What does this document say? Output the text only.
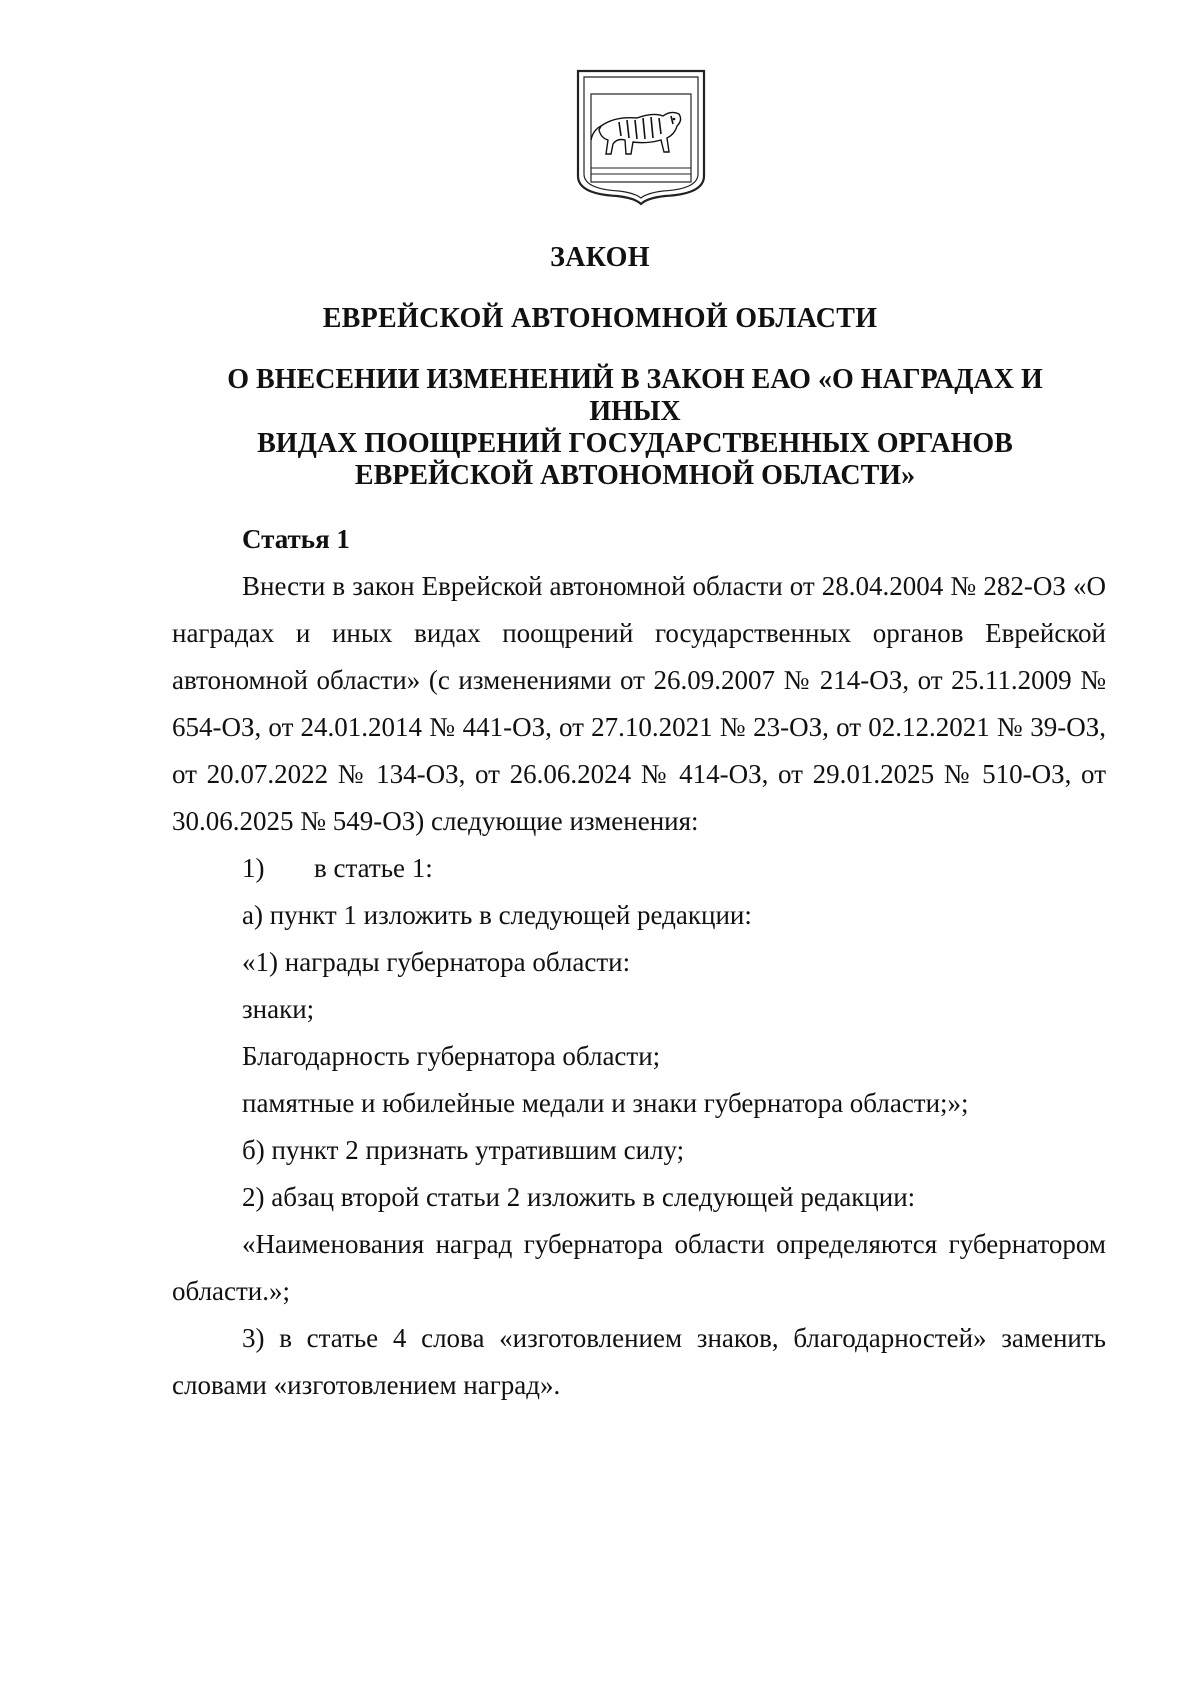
ЗАКОН
ЕВРЕЙСКОЙ АВТОНОМНОЙ ОБЛАСТИ
О ВНЕСЕНИИ ИЗМЕНЕНИЙ В ЗАКОН ЕАО «О НАГРАДАХ И ИНЫХ
ВИДАХ ПООЩРЕНИЙ ГОСУДАРСТВЕННЫХ ОРГАНОВ
ЕВРЕЙСКОЙ АВТОНОМНОЙ ОБЛАСТИ»
Статья 1

Внести в закон Еврейской автономной области от 28.04.2004 № 282-ОЗ «О наградах и иных видах поощрений государственных органов Еврейской автономной области» (с изменениями от 26.09.2007 № 214-ОЗ, от 25.11.2009 № 654-ОЗ, от 24.01.2014 № 441-ОЗ, от 27.10.2021 № 23-ОЗ, от 02.12.2021 № 39-ОЗ, от 20.07.2022 № 134-ОЗ, от 26.06.2024 № 414-ОЗ, от 29.01.2025 № 510-ОЗ, от 30.06.2025 № 549-ОЗ) следующие изменения:

1) в статье 1:

а) пункт 1 изложить в следующей редакции:

«1) награды губернатора области:

знаки;

Благодарность губернатора области;

памятные и юбилейные медали и знаки губернатора области;»;

б) пункт 2 признать утратившим силу;

2) абзац второй статьи 2 изложить в следующей редакции:

«Наименования наград губернатора области определяются губернатором области.»;

3) в статье 4 слова «изготовлением знаков, благодарностей» заменить словами «изготовлением наград».
